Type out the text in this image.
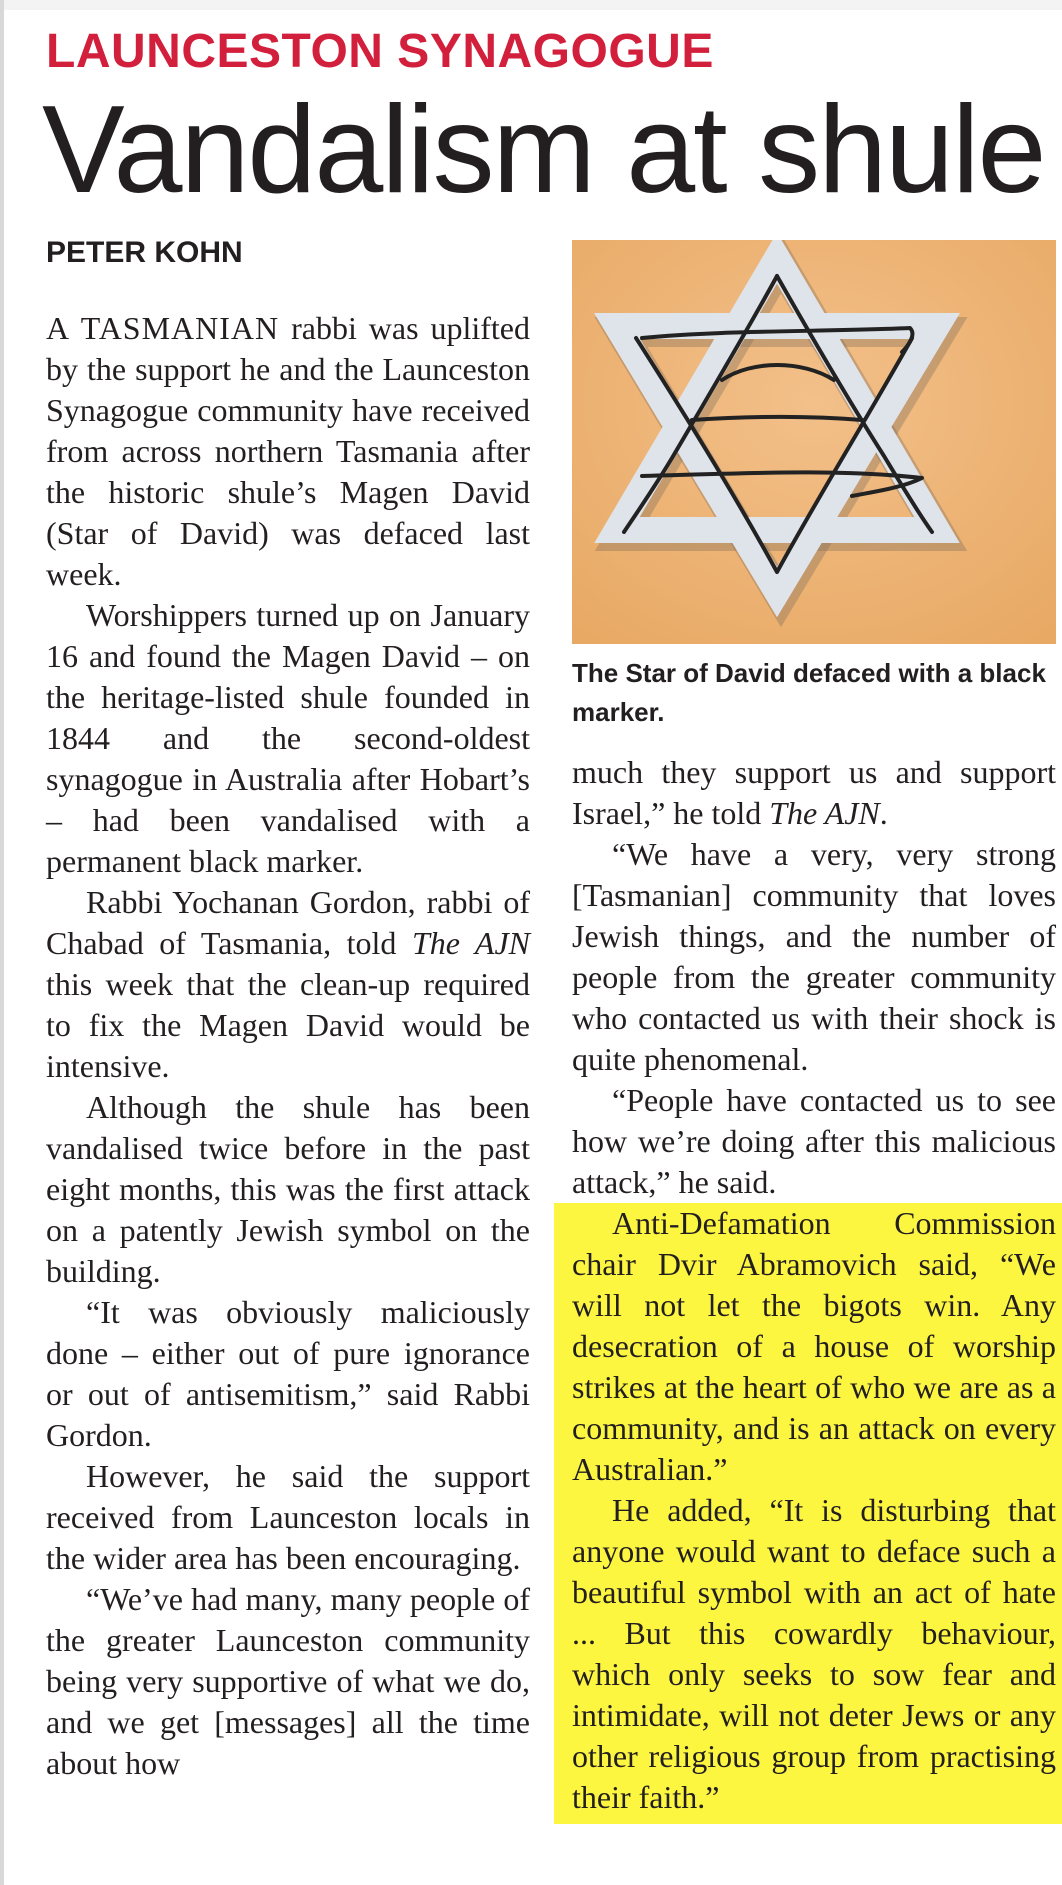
LAUNCESTON SYNAGOGUE
Vandalism at shule
PETER KOHN

A TASMANIAN rabbi was uplifted by the support he and the Launceston Synagogue community have received from across northern Tasmania after the historic shule’s Magen David (Star of David) was defaced last week.

Worshippers turned up on January 16 and found the Magen David – on the heritage-listed shule founded in 1844 and the second-oldest synagogue in Australia after Hobart’s – had been vandalised with a permanent black marker.

Rabbi Yochanan Gordon, rabbi of Chabad of Tasmania, told The AJN this week that the clean-up required to fix the Magen David would be intensive.

Although the shule has been vandalised twice before in the past eight months, this was the first attack on a patently Jewish symbol on the building.

“It was obviously maliciously done – either out of pure ignorance or out of antisemitism,” said Rabbi Gordon.

However, he said the support received from Launceston locals in the wider area has been encouraging.

“We’ve had many, many people of the greater Launceston community being very supportive of what we do, and we get [messages] all the time about how

The Star of David defaced with a black marker.

much they support us and support Israel,” he told The AJN.

“We have a very, very strong [Tasmanian] community that loves Jewish things, and the number of people from the greater community who contacted us with their shock is quite phenomenal.

“People have contacted us to see how we’re doing after this malicious attack,” he said.

Anti-Defamation Commission chair Dvir Abramovich said, “We will not let the bigots win. Any desecration of a house of worship strikes at the heart of who we are as a community, and is an attack on every Australian.”

He added, “It is disturbing that anyone would want to deface such a beautiful symbol with an act of hate ... But this cowardly behaviour, which only seeks to sow fear and intimidate, will not deter Jews or any other religious group from practising their faith.”
